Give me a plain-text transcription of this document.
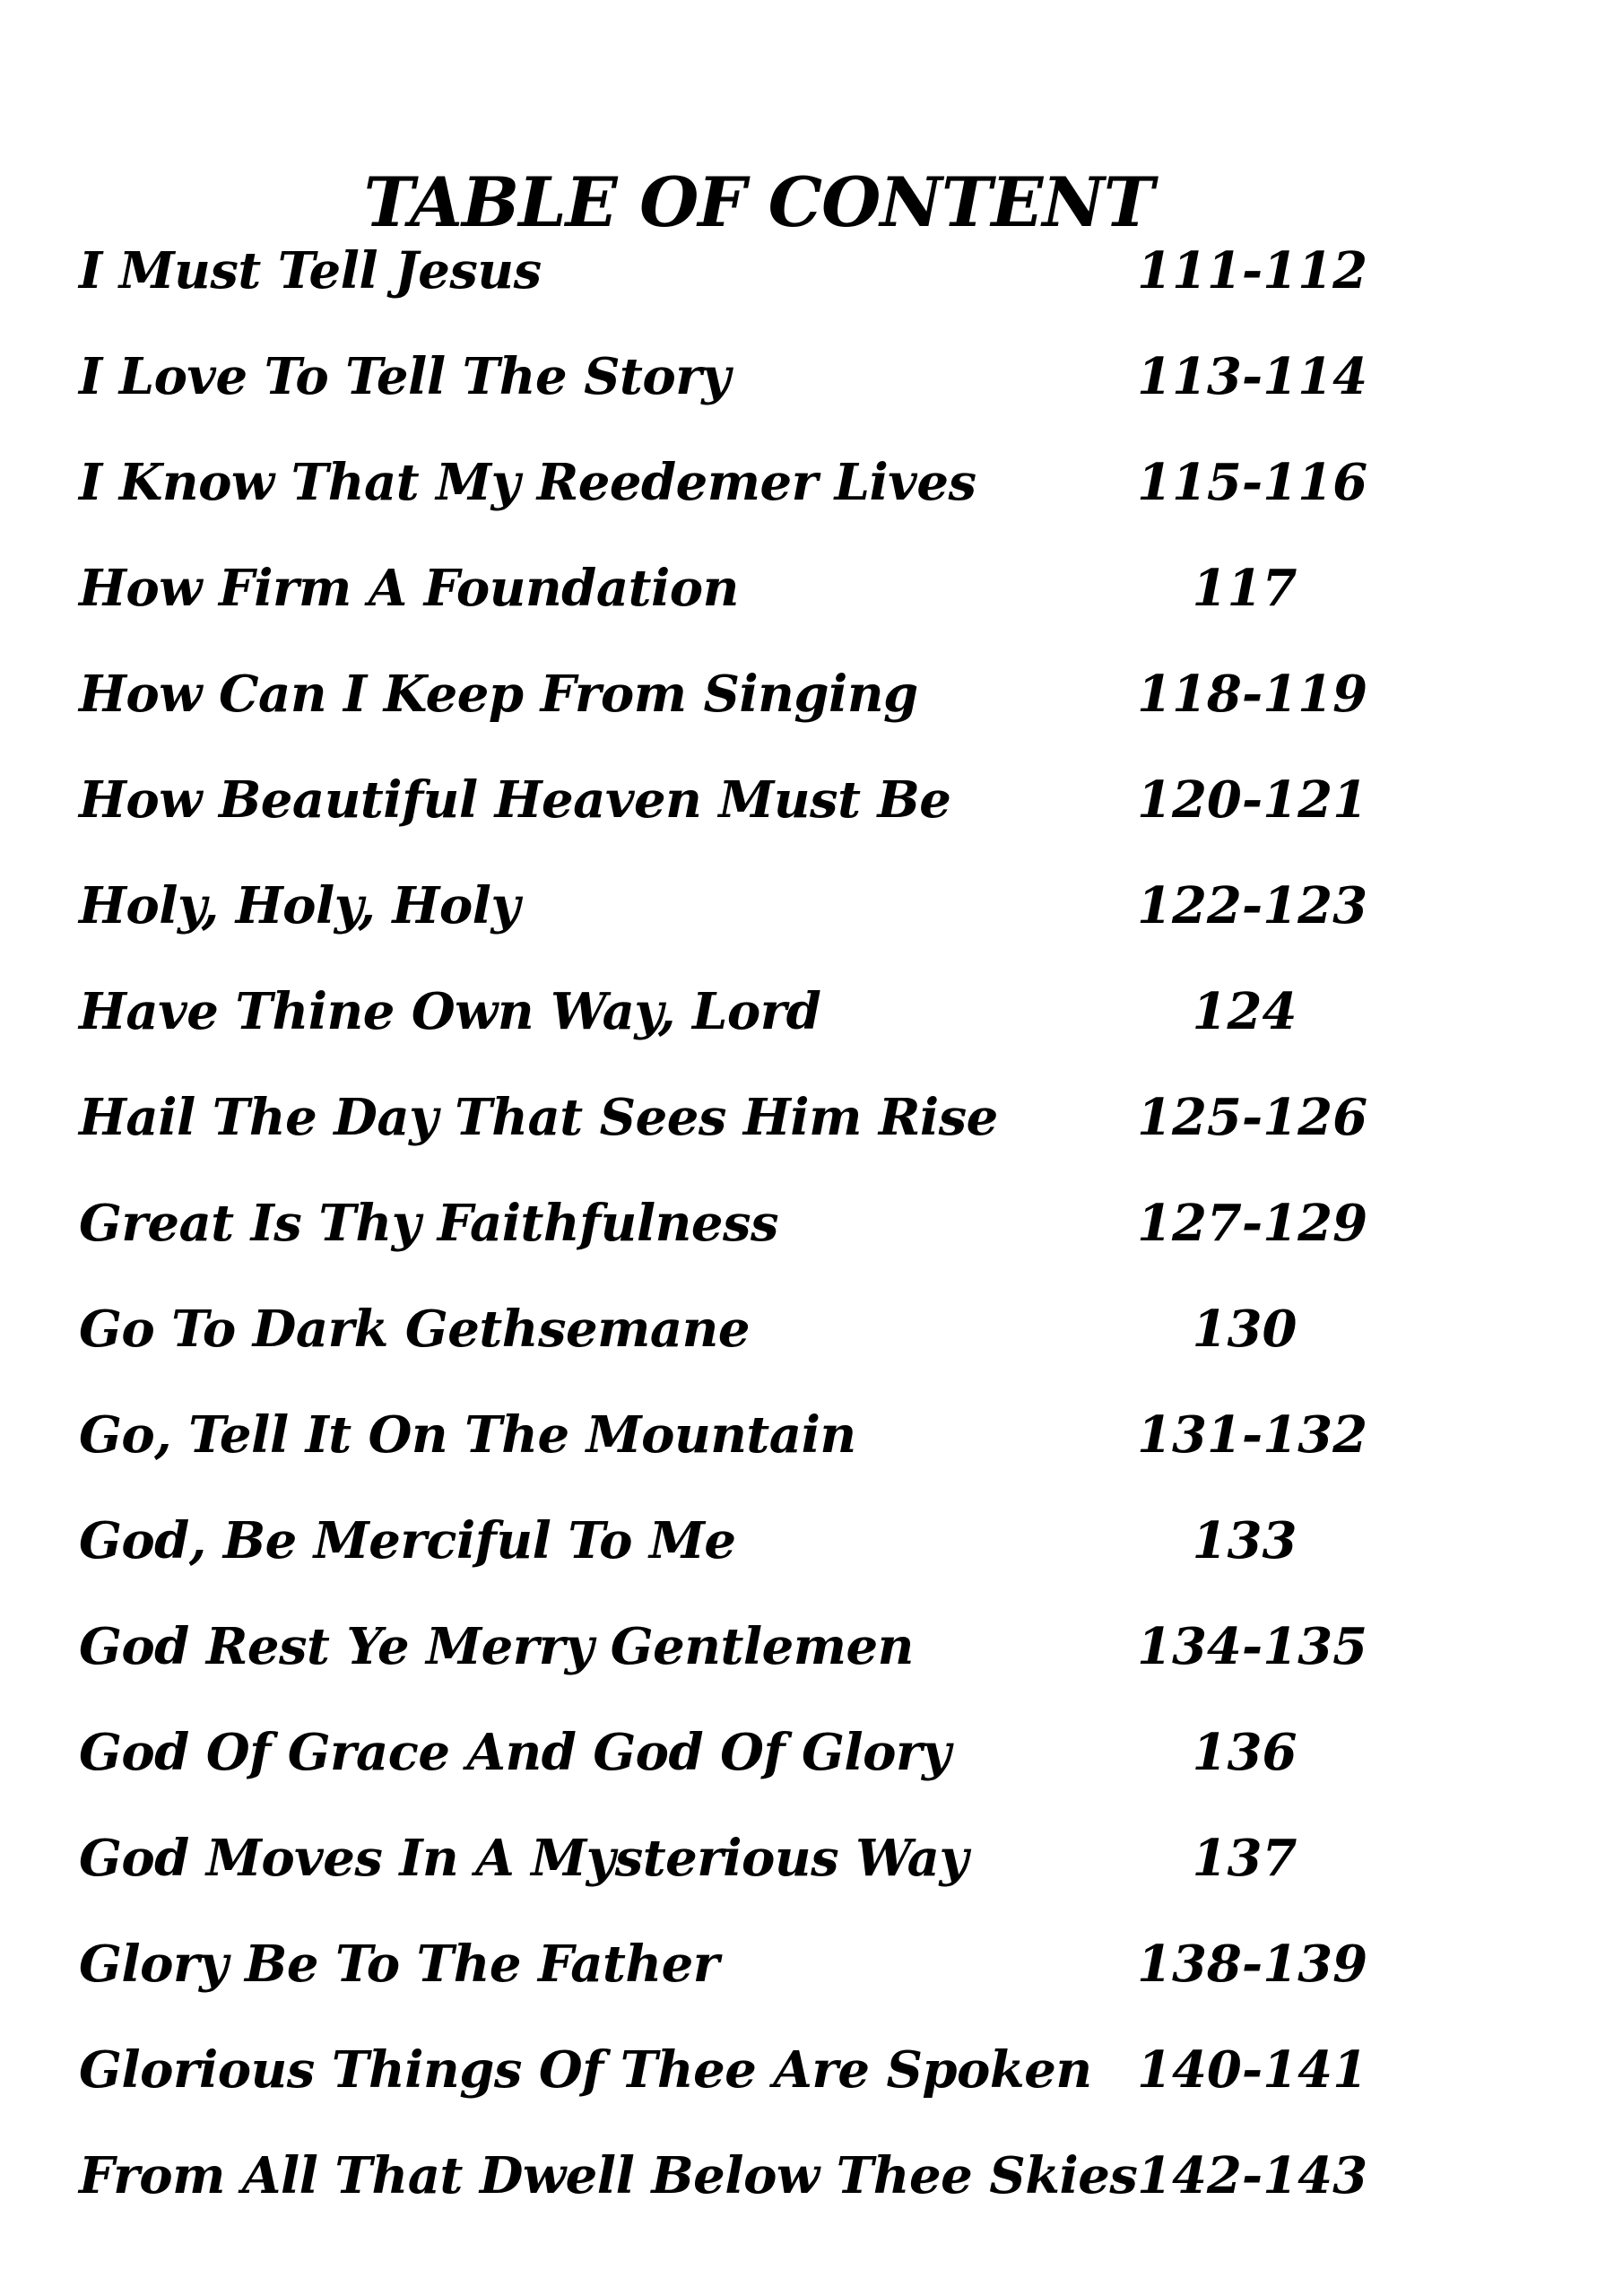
TABLE OF CONTENT
I Must Tell Jesus	111-112
I Love To Tell The Story	113-114
I Know That My Reedemer Lives	115-116
How Firm A Foundation	117
How Can I Keep From Singing	118-119
How Beautiful Heaven Must Be	120-121
Holy, Holy, Holy	122-123
Have Thine Own Way, Lord	124
Hail The Day That Sees Him Rise	125-126
Great Is Thy Faithfulness	127-129
Go To Dark Gethsemane	130
Go, Tell It On The Mountain	131-132
God, Be Merciful To Me	133
God Rest Ye Merry Gentlemen	134-135
God Of Grace And God Of Glory	136
God Moves In A Mysterious Way	137
Glory Be To The Father	138-139
Glorious Things Of Thee Are Spoken 140-141
From All That Dwell Below Thee Skies 142-143
